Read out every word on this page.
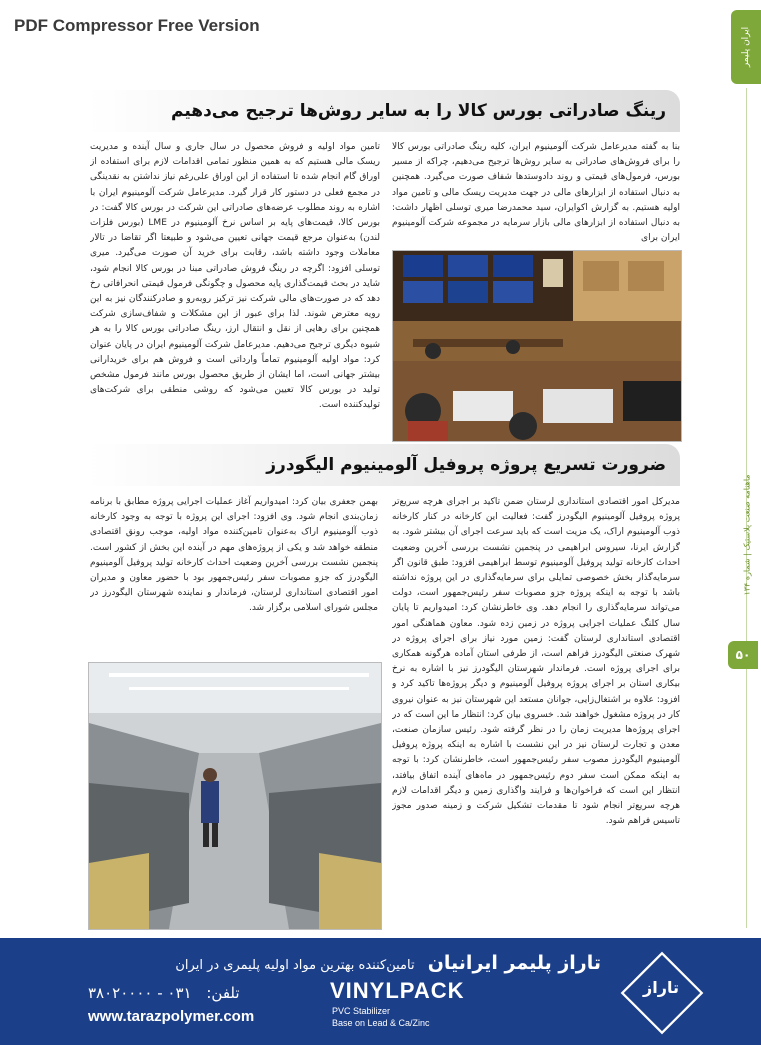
PDF Compressor Free Version
ایران پلیمر
ماهنامه صنعت پلاستیک | شماره ۱۳۴
۵۰
رینگ صادراتی بورس کالا را به سایر روش‌ها ترجیح می‌دهیم

بنا به گفته مدیرعامل شرکت آلومینیوم ایران، کلیه رینگ صادراتی بورس کالا را برای فروش‌های صادراتی به سایر روش‌ها ترجیح می‌دهیم، چراکه از مسیر بورس، فرمول‌های قیمتی و روند دادوستد‌ها شفاف صورت می‌گیرد. همچنین به دنبال استفاده از ابزارهای مالی در جهت مدیریت ریسک مالی و تامین مواد اولیه هستیم. به گزارش اکوایران، سید محمدرضا میری توسلی اظهار داشت: به دنبال استفاده از ابزارهای مالی بازار سرمایه در مجموعه شرکت آلومینیوم ایران برای

تامین مواد اولیه و فروش محصول در سال جاری و سال آینده و مدیریت ریسک مالی هستیم که به همین منظور تمامی اقدامات لازم برای استفاده از اوراق گام انجام شده تا استفاده از این اوراق علی‌رغم نیاز نداشتن به نقدینگی در مجمع فعلی در دستور کار قرار گیرد. مدیرعامل شرکت آلومینیوم ایران با اشاره به روند مطلوب عرضه‌های صادراتی این شرکت در بورس کالا گفت: در بورس کالا، قیمت‌های پایه بر اساس نرخ آلومینیوم در LME (بورس فلزات لندن) به‌عنوان مرجع قیمت جهانی تعیین می‌شود و طبیعتا اگر تقاضا در تالار معاملات وجود داشته باشد، رقابت برای خرید آن صورت می‌گیرد. میری توسلی افزود: اگرچه در رینگ فروش صادراتی مبنا در بورس کالا انجام شود، شاید در بحث قیمت‌گذاری پایه محصول و چگونگی فرمول قیمتی انحرافاتی رخ دهد که در صورت‌های مالی شرکت نیز ترکیز روبه‌رو و صادرکنندگان نیز به این رویه معترض شوند. لذا برای عبور از این مشکلات و شفاف‌سازی شرکت همچنین برای رهایی از نقل و انتقال ارز، رینگ صادراتی بورس کالا را به هر شیوه دیگری ترجیح می‌دهیم. مدیرعامل شرکت آلومینیوم ایران در پایان عنوان کرد: مواد اولیه آلومینیوم تماماً وارداتی است و فروش هم برای خریدارانی بیشتر جهانی است، اما ایشان از طریق محصول بورس مانند فرمول مشخص تولید در بورس کالا تعیین می‌شود که روشی منطقی برای شرکت‌های تولیدکننده است.

ضرورت تسریع پروژه پروفیل آلومینیوم الیگودرز

مدیرکل امور اقتصادی استانداری لرستان ضمن تاکید بر اجرای هرچه سریع‌تر پروژه پروفیل آلومینیوم الیگودرز گفت: فعالیت این کارخانه در کنار کارخانه ذوب آلومینیوم اراک، یک مزیت است که باید سرعت اجرای آن بیشتر شود. به گزارش ایرنا، سیروس ابراهیمی در پنجمین نشست بررسی آخرین وضعیت احداث کارخانه تولید پروفیل آلومینیوم توسط ابراهیمی افزود: طبق قانون اگر سرمایه‌گذار بخش خصوصی تمایلی برای سرمایه‌گذاری در این پروژه نداشته باشد با توجه به اینکه پروژه جزو مصوبات سفر رئیس‌جمهور است، دولت می‌تواند سرمایه‌گذاری را انجام دهد. وی خاطرنشان کرد: امیدواریم تا پایان سال کلنگ عملیات اجرایی پروژه در زمین زده شود. معاون هماهنگی امور اقتصادی استانداری لرستان گفت: زمین مورد نیاز برای اجرای پروژه در شهرک صنعتی الیگودرز فراهم است، از طرفی استان آماده هرگونه همکاری برای اجرای پروژه است. فرماندار شهرستان الیگودرز نیز با اشاره به نرخ بیکاری استان بر اجرای پروژه پروفیل آلومینیوم و دیگر پروژه‌ها تاکید کرد و افزود: علاوه بر اشتغال‌زایی، جوانان مستعد این شهرستان نیز به عنوان نیروی کار در پروژه مشغول خواهند شد. خسروی بیان کرد: انتظار ما این است که در اجرای پروژه‌ها مدیریت زمان را در نظر گرفته شود. رئیس سازمان صنعت، معدن و تجارت لرستان نیز در این نشست با اشاره به اینکه پروژه پروفیل آلومینیوم الیگودرز مصوب سفر رئیس‌جمهور است، خاطرنشان کرد: با توجه به اینکه ممکن است سفر دوم رئیس‌جمهور در ماه‌های آینده اتفاق بیافتد، انتظار این است که فراخوان‌ها و فرایند واگذاری زمین و دیگر اقدامات لازم هرچه سریع‌تر انجام شود تا مقدمات تشکیل شرکت و زمینه صدور مجوز تاسیس فراهم شود.

بهمن جعفری بیان کرد: امیدواریم آغاز عملیات اجرایی پروژه مطابق با برنامه زمان‌بندی انجام شود. وی افزود: اجرای این پروژه با توجه به وجود کارخانه ذوب آلومینیوم اراک به‌عنوان تامین‌کننده مواد اولیه، موجب رونق اقتصادی منطقه خواهد شد و یکی از پروژه‌های مهم در آینده این بخش از کشور است. پنجمین نشست بررسی آخرین وضعیت احداث کارخانه تولید پروفیل آلومینیوم الیگودرز که جزو مصوبات سفر رئیس‌جمهور بود با حضور معاون و مدیران امور اقتصادی استانداری لرستان، فرماندار و نماینده شهرستان الیگودرز در مجلس شورای اسلامی برگزار شد.

تاراز پلیمر ایرانیان تامین‌کننده بهترین مواد اولیه پلیمری در ایران
VINYLPACK
PVC Stabilizer
Base on Lead & Ca/Zinc
تلفن: ۰۳۱ - ۳۸۰۲۰۰۰۰
www.tarazpolymer.com
تاراز
